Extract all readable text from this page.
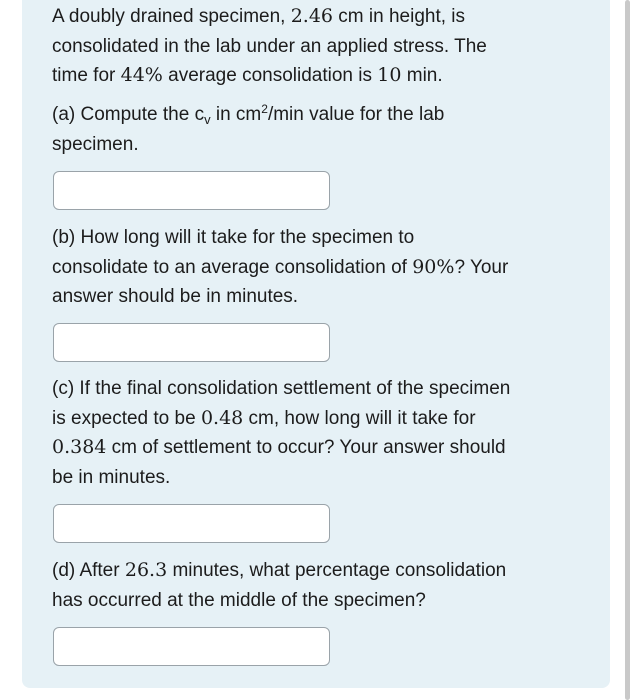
A doubly drained specimen, 2.46 cm in height, is
consolidated in the lab under an applied stress. The
time for 44% average consolidation is 10 min.
(a) Compute the $c_v$ in $cm^2/\min$ value for the lab
specimen.
(b) How long will it take for the specimen to
consolidate to an average consolidation of 90%? Your
answer should be in minutes.
(c) If the final consolidation settlement of the specimen
is expected to be 0.48 cm, how long will it take for
0.384 cm of settlement to occur? Your answer should
be in minutes.
(d) After 26.3 minutes, what percentage consolidation
has occurred at the middle of the specimen?
